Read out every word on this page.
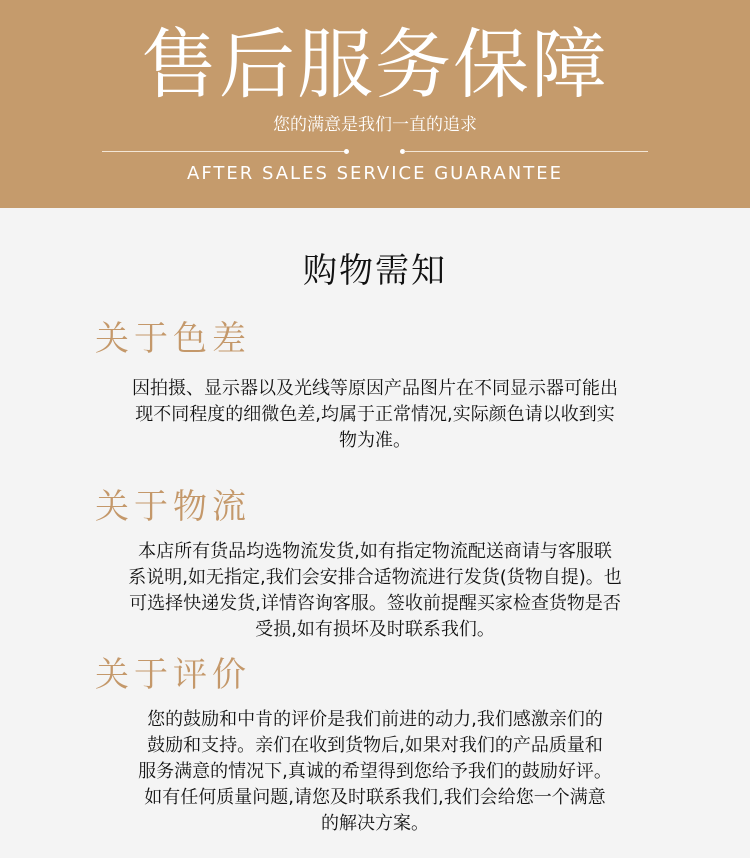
售后服务保障
您的满意是我们一直的追求
AFTER SALES SERVICE GUARANTEE
购物需知
关于色差

因拍摄、显示器以及光线等原因产品图片在不同显示器可能出
现不同程度的细微色差,均属于正常情况,实际颜色请以收到实
物为准。

关于物流

本店所有货品均选物流发货,如有指定物流配送商请与客服联
系说明,如无指定,我们会安排合适物流进行发货(货物自提)。也
可选择快递发货,详情咨询客服。签收前提醒买家检查货物是否
受损,如有损坏及时联系我们。

关于评价

您的鼓励和中肯的评价是我们前进的动力,我们感激亲们的
鼓励和支持。亲们在收到货物后,如果对我们的产品质量和
服务满意的情况下,真诚的希望得到您给予我们的鼓励好评。
如有任何质量问题,请您及时联系我们,我们会给您一个满意
的解决方案。
